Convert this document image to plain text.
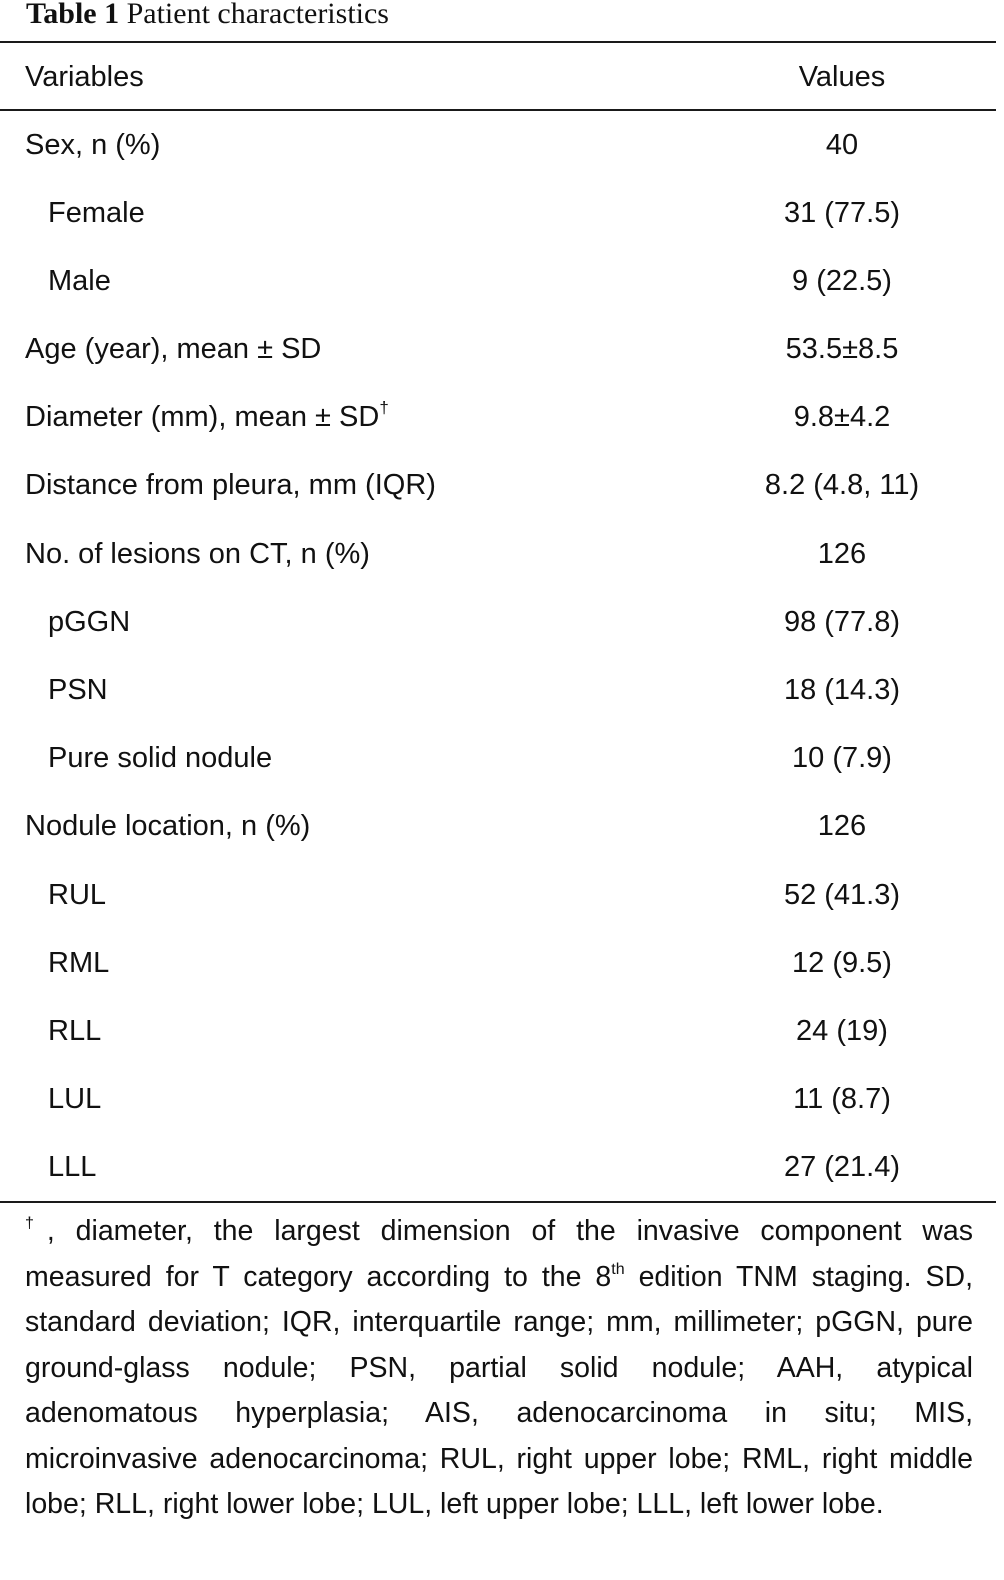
Table 1 Patient characteristics
Variables	Values
Sex, n (%)	40
Female	31 (77.5)
Male	9 (22.5)
Age (year), mean ± SD	53.5±8.5
Diameter (mm), mean ± SD†	9.8±4.2
Distance from pleura, mm (IQR)	8.2 (4.8, 11)
No. of lesions on CT, n (%)	126
pGGN	98 (77.8)
PSN	18 (14.3)
Pure solid nodule	10 (7.9)
Nodule location, n (%)	126
RUL	52 (41.3)
RML	12 (9.5)
RLL	24 (19)
LUL	11 (8.7)
LLL	27 (21.4)
†, diameter, the largest dimension of the invasive component was measured for T category according to the 8th edition TNM staging. SD, standard deviation; IQR, interquartile range; mm, millimeter; pGGN, pure ground-glass nodule; PSN, partial solid nodule; AAH, atypical adenomatous hyperplasia; AIS, adenocarcinoma in situ; MIS, microinvasive adenocarcinoma; RUL, right upper lobe; RML, right middle lobe; RLL, right lower lobe; LUL, left upper lobe; LLL, left lower lobe.
